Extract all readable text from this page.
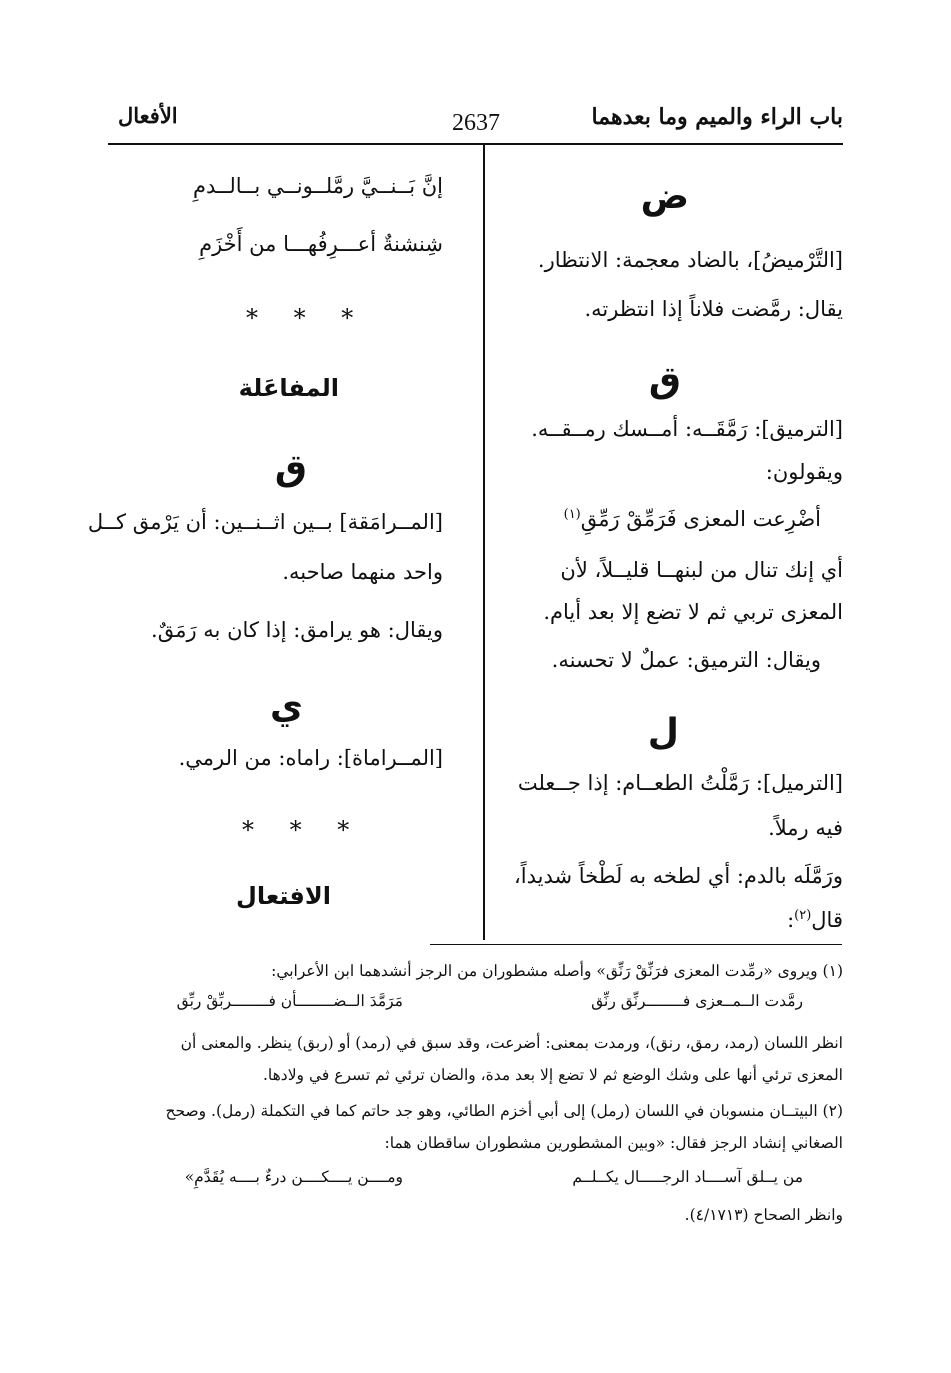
باب الراء والميم وما بعدهما
2637
الأفعال
ض
[التَّرْميضُ]، بالضاد معجمة: الانتظار.
يقال: رمَّضت فلاناً إذا انتظرته.
ق
[الترميق]: رَمَّقَــه: أمــسك رمــقــه.
ويقولون:
أضْرِعت المعزى فَرَمِّقْ رَمِّقِ$^{(١)}$
أي إنك تنال من لبنهــا قليــلاً، لأن
المعزى تربي ثم لا تضع إلا بعد أيام.
ويقال: الترميق: عملٌ لا تحسنه.
ل
[الترميل]: رَمَّلْتُ الطعــام: إذا جــعلت
فيه رملاً.
ورَمَّلَه بالدم: أي لطخه به لَطْخاً شديداً،
قال$^{(٢)}$:
إنَّ بَــنــيَّ رمَّلــونــي بــالــدمِ
شِنشنةٌ أعـــرِفُهـــا من أَخْزَمِ
* * *
المفاعَلة
ق
[المــرامَقة] بــين اثــنــين: أن يَرْمق كــل
واحد منهما صاحبه.
ويقال: هو يرامق: إذا كان به رَمَقٌ.
ي
[المــراماة]: راماه: من الرمي.
* * *
الافتعال
(١) ويروى «رمِّدت المعزى فرَنِّقْ رَنِّق» وأصله مشطوران من الرجز أنشدهما ابن الأعرابي:
رمَّدت الــمــعزى فــــــــرنِّق رنِّق
مَرَمَّدَ الــضــــــــأن فــــــــربِّقْ ربِّق
انظر اللسان (رمد، رمق، رنق)، ورمدت بمعنى: أضرعت، وقد سبق في (رمد) أو (ربق) ينظر. والمعنى أن
المعزى ترئي أنها على وشك الوضع ثم لا تضع إلا بعد مدة، والضان ترئي ثم تسرع في ولادها.
(٢) البيتــان منسوبان في اللسان (رمل) إلى أبي أخزم الطائي، وهو جد حاتم كما في التكملة (رمل). وصحح
الصغاني إنشاد الرجز فقال: «وبين المشطورين مشطوران ساقطان هما:
من يــلق آســــاد الرجـــــال يكــلــم
ومــــن يــــكــــن درءٌ بــــه يُقَدَّمِ»
وانظر الصحاح (٤/١٧١٣).
